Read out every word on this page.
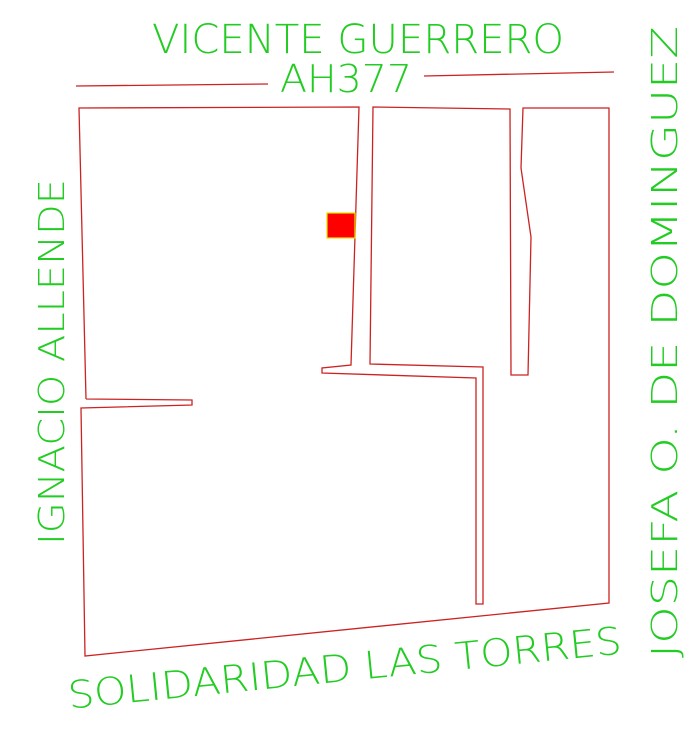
VICENTE GUERRERO
AH377
IGNACIO ALLENDE	JOSEFA O. DE DOMINGUEZ
SOLIDARIDAD LAS TORRES
